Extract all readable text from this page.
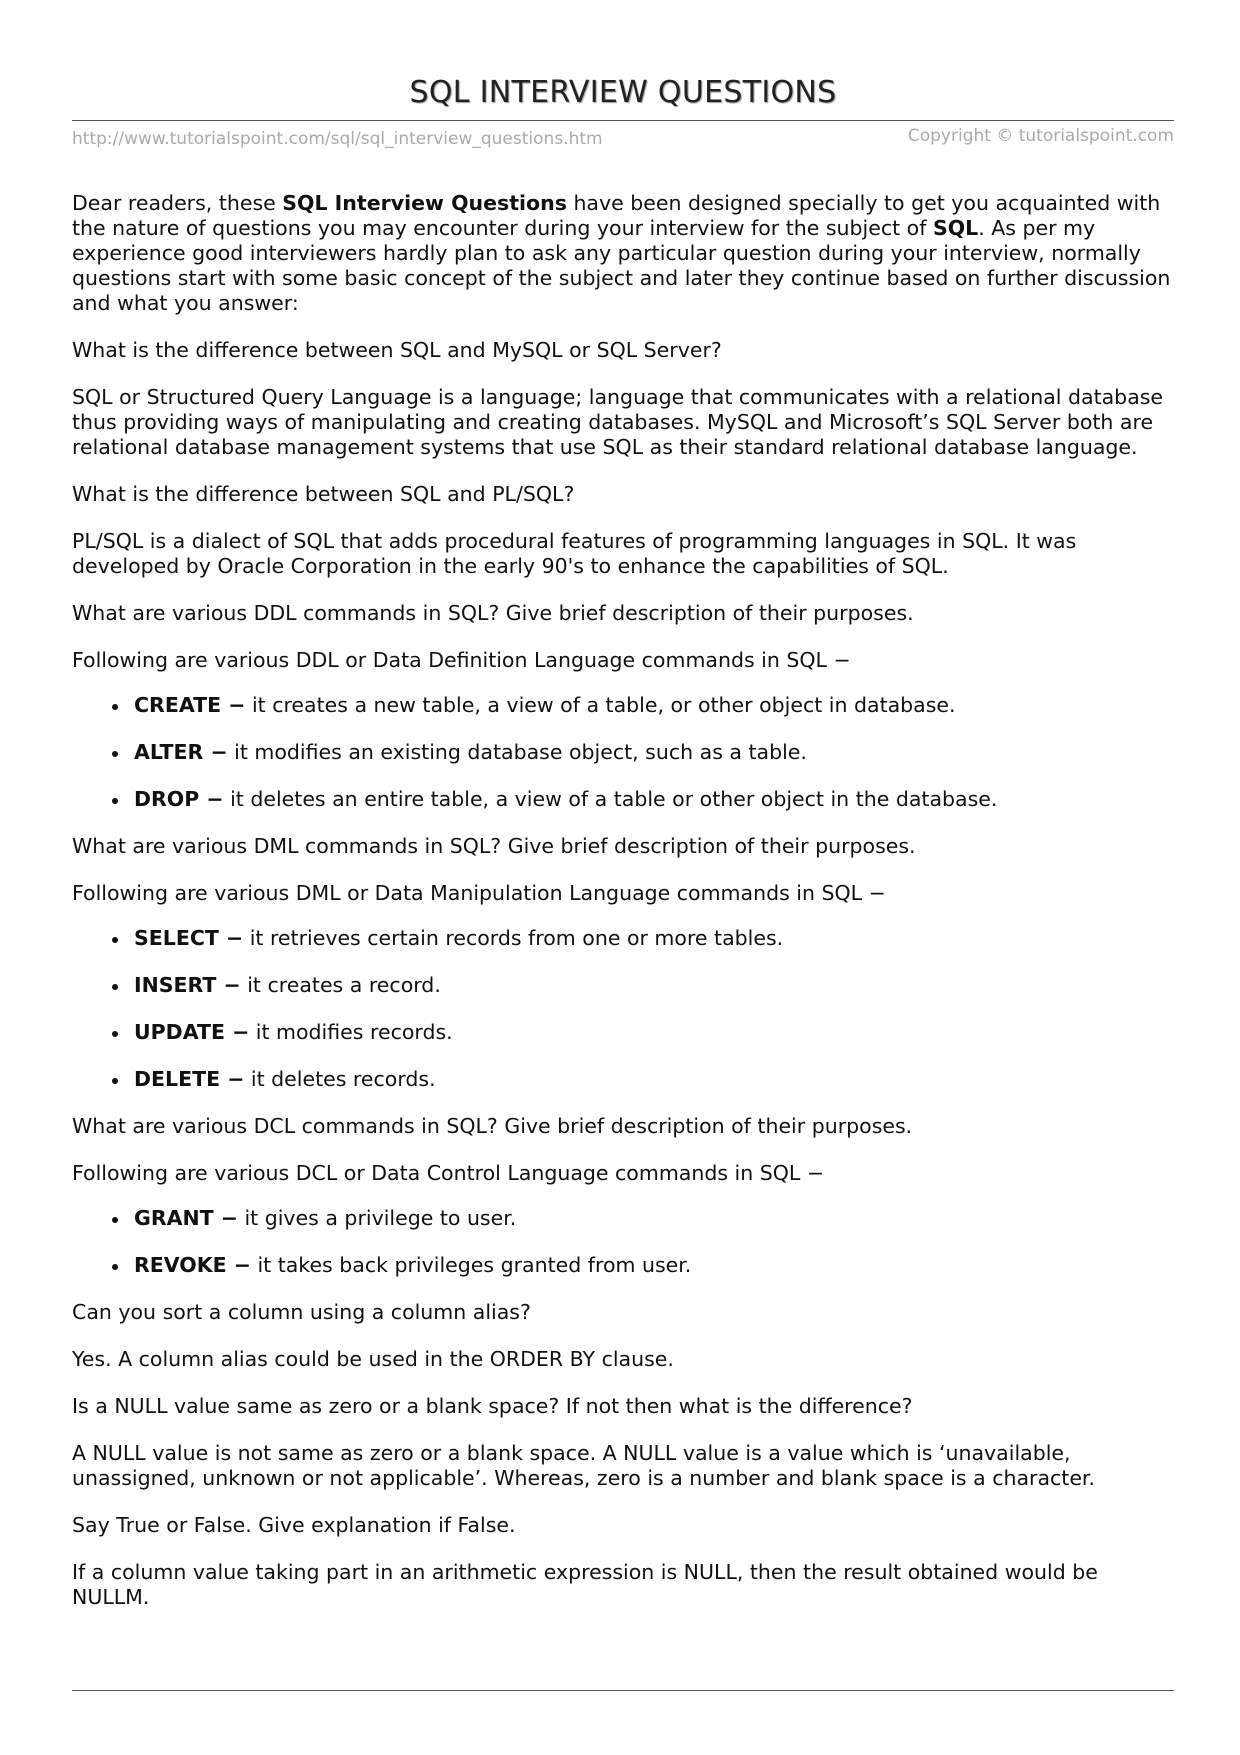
SQL INTERVIEW QUESTIONS
http://www.tutorialspoint.com/sql/sql_interview_questions.htm	Copyright © tutorialspoint.com

Dear readers, these SQL Interview Questions have been designed specially to get you acquainted with the nature of questions you may encounter during your interview for the subject of SQL. As per my experience good interviewers hardly plan to ask any particular question during your interview, normally questions start with some basic concept of the subject and later they continue based on further discussion and what you answer:

What is the difference between SQL and MySQL or SQL Server?

SQL or Structured Query Language is a language; language that communicates with a relational database thus providing ways of manipulating and creating databases. MySQL and Microsoft’s SQL Server both are relational database management systems that use SQL as their standard relational database language.

What is the difference between SQL and PL/SQL?

PL/SQL is a dialect of SQL that adds procedural features of programming languages in SQL. It was developed by Oracle Corporation in the early 90's to enhance the capabilities of SQL.

What are various DDL commands in SQL? Give brief description of their purposes.

Following are various DDL or Data Definition Language commands in SQL −

CREATE − it creates a new table, a view of a table, or other object in database.
ALTER − it modifies an existing database object, such as a table.
DROP − it deletes an entire table, a view of a table or other object in the database.

What are various DML commands in SQL? Give brief description of their purposes.

Following are various DML or Data Manipulation Language commands in SQL −

SELECT − it retrieves certain records from one or more tables.
INSERT − it creates a record.
UPDATE − it modifies records.
DELETE − it deletes records.

What are various DCL commands in SQL? Give brief description of their purposes.

Following are various DCL or Data Control Language commands in SQL −

GRANT − it gives a privilege to user.
REVOKE − it takes back privileges granted from user.

Can you sort a column using a column alias?

Yes. A column alias could be used in the ORDER BY clause.

Is a NULL value same as zero or a blank space? If not then what is the difference?

A NULL value is not same as zero or a blank space. A NULL value is a value which is ‘unavailable, unassigned, unknown or not applicable’. Whereas, zero is a number and blank space is a character.

Say True or False. Give explanation if False.

If a column value taking part in an arithmetic expression is NULL, then the result obtained would be NULLM.
